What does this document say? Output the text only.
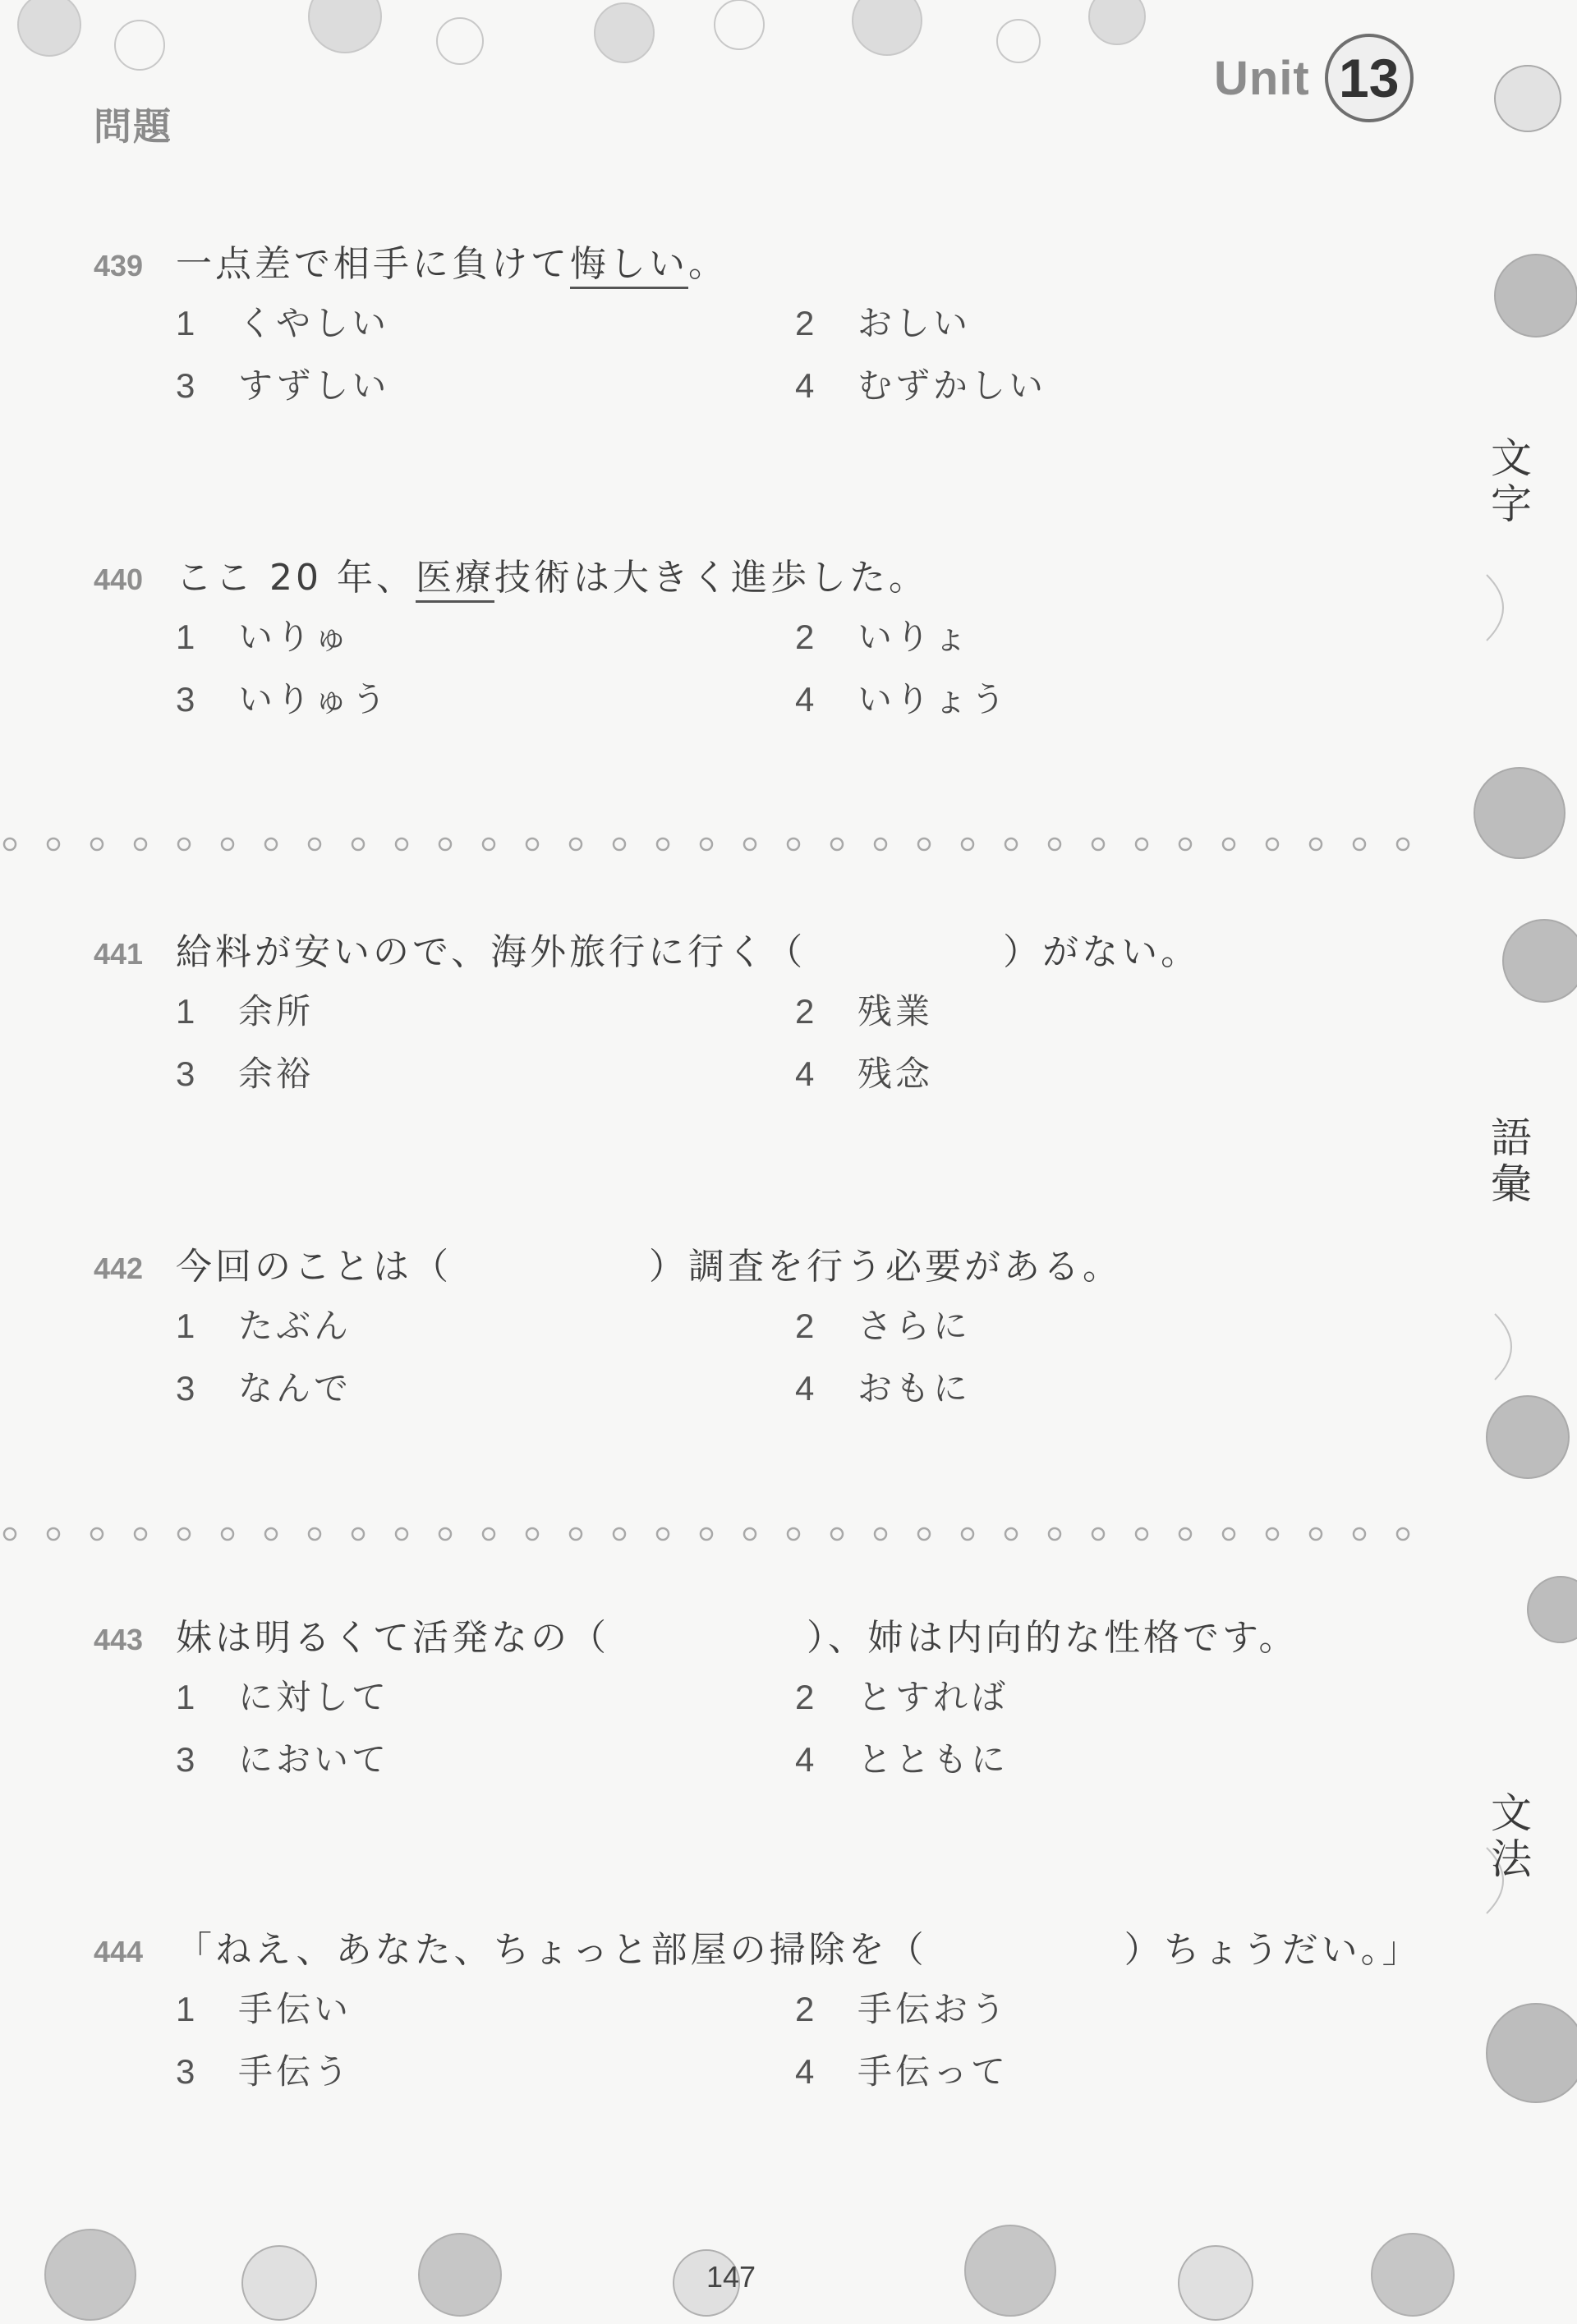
Unit 13
問題
文字
語彙
文法
439 一点差で相手に負けて悔しい。
1	くやしい	2	おしい
3	すずしい	4	むずかしい
440 ここ 20 年、医療技術は大きく進歩した。
1	いりゅ	2	いりょ
3	いりゅう	4	いりょう
441 給料が安いので、海外旅行に行く（　　　　　）がない。
1	余所	2	残業
3	余裕	4	残念
442 今回のことは（　　　　　）調査を行う必要がある。
1	たぶん	2	さらに
3	なんで	4	おもに
443 妹は明るくて活発なの（　　　　　）、姉は内向的な性格です。
1	に対して	2	とすれば
3	において	4	とともに
444 「ねえ、あなた、ちょっと部屋の掃除を（　　　　　）ちょうだい。」
1	手伝い	2	手伝おう
3	手伝う	4	手伝って
147
